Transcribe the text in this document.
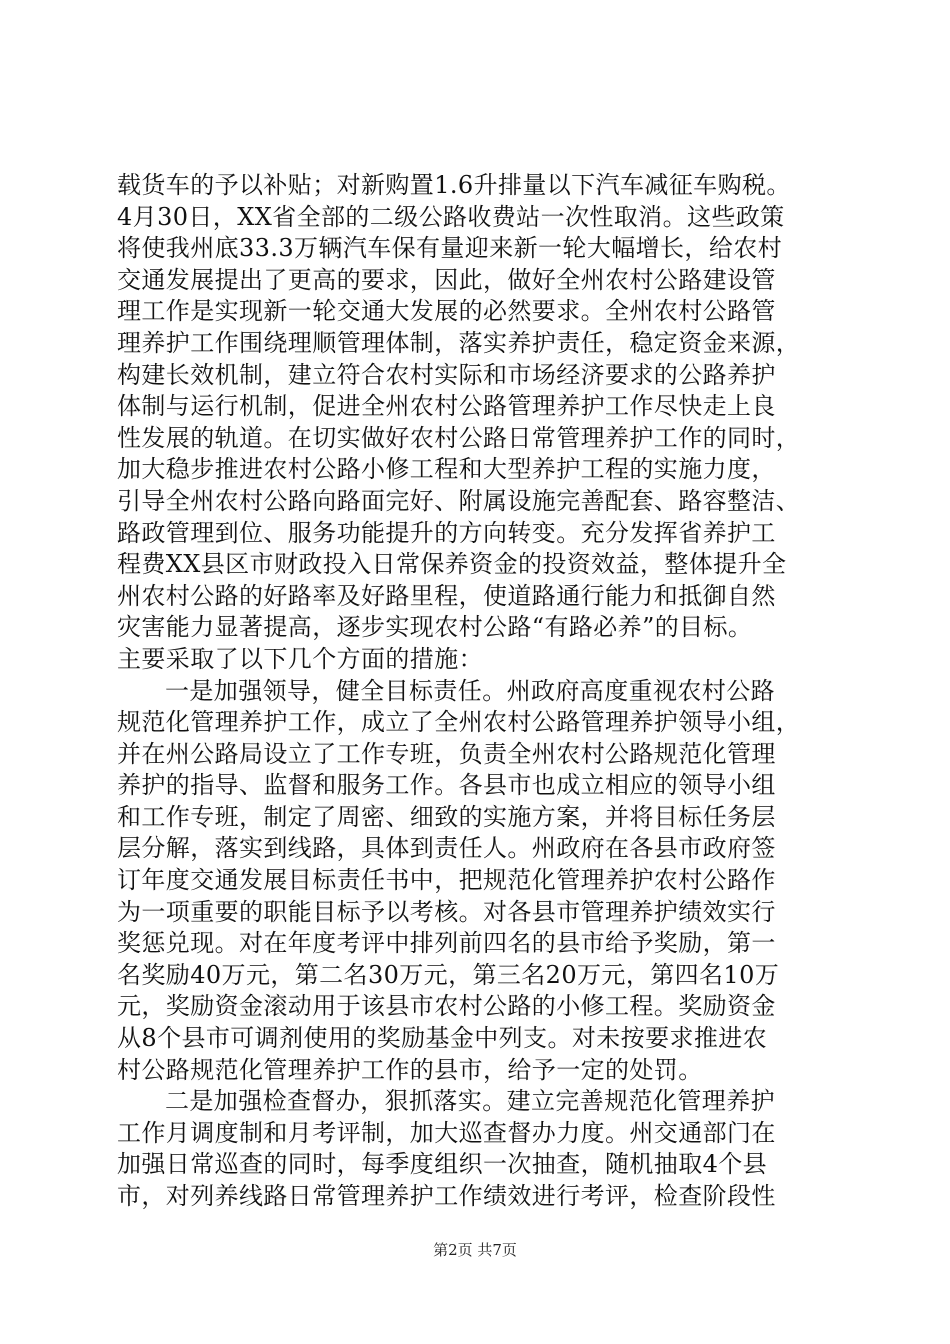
载货车的予以补贴；对新购置1.6升排量以下汽车减征车购税。
4月30日，XX省全部的二级公路收费站一次性取消。这些政策
将使我州底33.3万辆汽车保有量迎来新一轮大幅增长，给农村
交通发展提出了更高的要求，因此，做好全州农村公路建设管
理工作是实现新一轮交通大发展的必然要求。全州农村公路管
理养护工作围绕理顺管理体制，落实养护责任，稳定资金来源，
构建长效机制，建立符合农村实际和市场经济要求的公路养护
体制与运行机制，促进全州农村公路管理养护工作尽快走上良
性发展的轨道。在切实做好农村公路日常管理养护工作的同时，
加大稳步推进农村公路小修工程和大型养护工程的实施力度，
引导全州农村公路向路面完好、附属设施完善配套、路容整洁、
路政管理到位、服务功能提升的方向转变。充分发挥省养护工
程费XX县区市财政投入日常保养资金的投资效益，整体提升全
州农村公路的好路率及好路里程，使道路通行能力和抵御自然
灾害能力显著提高，逐步实现农村公路“有路必养”的目标。
主要采取了以下几个方面的措施：
一是加强领导，健全目标责任。州政府高度重视农村公路
规范化管理养护工作，成立了全州农村公路管理养护领导小组，
并在州公路局设立了工作专班，负责全州农村公路规范化管理
养护的指导、监督和服务工作。各县市也成立相应的领导小组
和工作专班，制定了周密、细致的实施方案，并将目标任务层
层分解，落实到线路，具体到责任人。州政府在各县市政府签
订年度交通发展目标责任书中，把规范化管理养护农村公路作
为一项重要的职能目标予以考核。对各县市管理养护绩效实行
奖惩兑现。对在年度考评中排列前四名的县市给予奖励，第一
名奖励40万元，第二名30万元，第三名20万元，第四名10万
元，奖励资金滚动用于该县市农村公路的小修工程。奖励资金
从8个县市可调剂使用的奖励基金中列支。对未按要求推进农
村公路规范化管理养护工作的县市，给予一定的处罚。
二是加强检查督办，狠抓落实。建立完善规范化管理养护
工作月调度制和月考评制，加大巡查督办力度。州交通部门在
加强日常巡查的同时，每季度组织一次抽查，随机抽取4个县
市，对列养线路日常管理养护工作绩效进行考评，检查阶段性
第2页 共7页
